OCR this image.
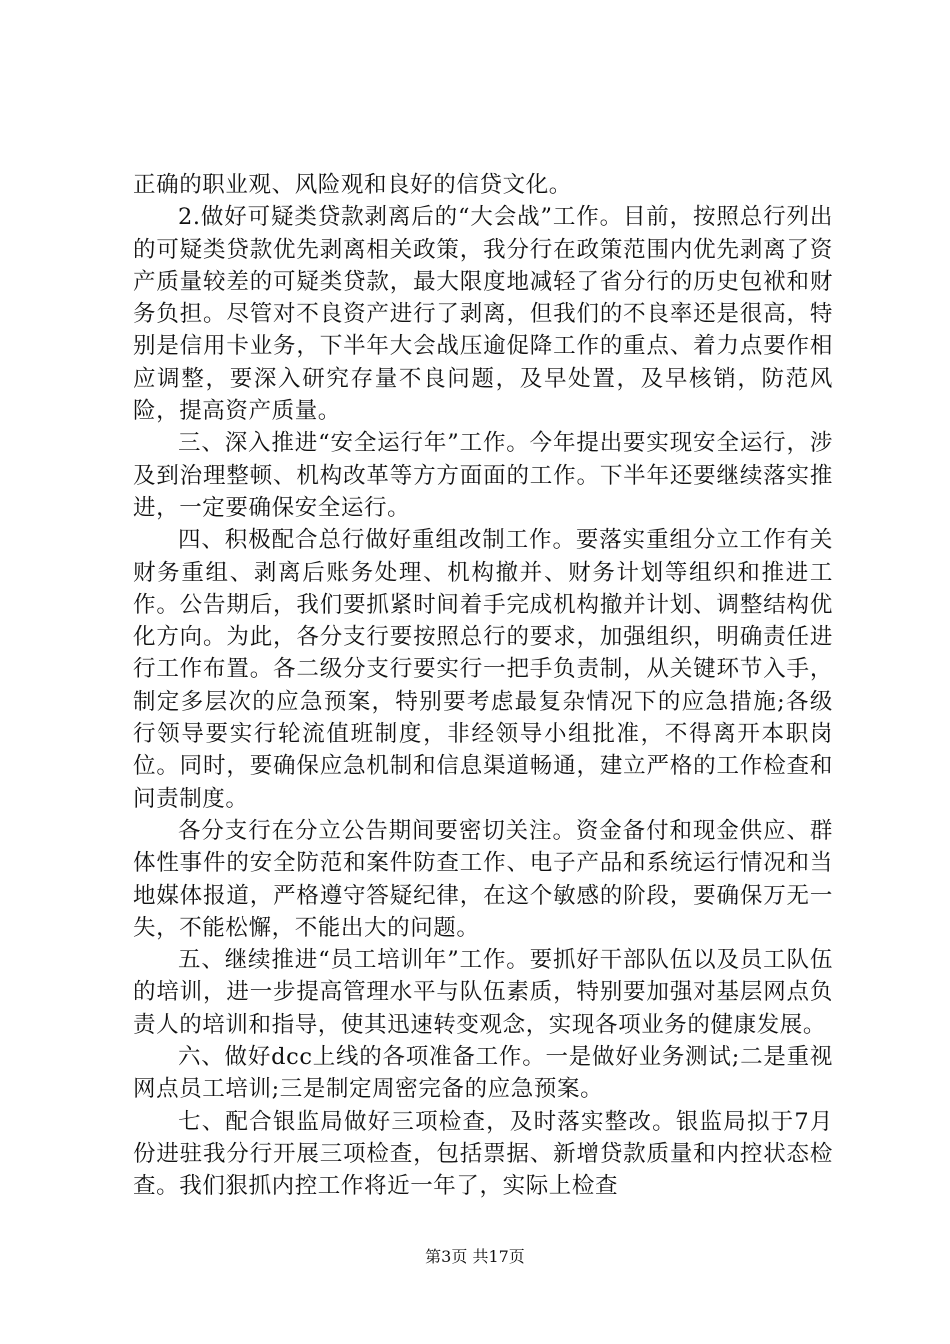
正确的职业观、风险观和良好的信贷文化。

2.做好可疑类贷款剥离后的“大会战”工作。目前，按照总行列出的可疑类贷款优先剥离相关政策，我分行在政策范围内优先剥离了资产质量较差的可疑类贷款，最大限度地减轻了省分行的历史包袱和财务负担。尽管对不良资产进行了剥离，但我们的不良率还是很高，特别是信用卡业务，下半年大会战压逾促降工作的重点、着力点要作相应调整，要深入研究存量不良问题，及早处置，及早核销，防范风险，提高资产质量。

三、深入推进“安全运行年”工作。今年提出要实现安全运行，涉及到治理整顿、机构改革等方方面面的工作。下半年还要继续落实推进，一定要确保安全运行。

四、积极配合总行做好重组改制工作。要落实重组分立工作有关财务重组、剥离后账务处理、机构撤并、财务计划等组织和推进工作。公告期后，我们要抓紧时间着手完成机构撤并计划、调整结构优化方向。为此，各分支行要按照总行的要求，加强组织，明确责任进行工作布置。各二级分支行要实行一把手负责制，从关键环节入手，制定多层次的应急预案，特别要考虑最复杂情况下的应急措施;各级行领导要实行轮流值班制度，非经领导小组批准，不得离开本职岗位。同时，要确保应急机制和信息渠道畅通，建立严格的工作检查和问责制度。

各分支行在分立公告期间要密切关注。资金备付和现金供应、群体性事件的安全防范和案件防查工作、电子产品和系统运行情况和当地媒体报道，严格遵守答疑纪律，在这个敏感的阶段，要确保万无一失，不能松懈，不能出大的问题。

五、继续推进“员工培训年”工作。要抓好干部队伍以及员工队伍的培训，进一步提高管理水平与队伍素质，特别要加强对基层网点负责人的培训和指导，使其迅速转变观念，实现各项业务的健康发展。

六、做好dcc上线的各项准备工作。一是做好业务测试;二是重视网点员工培训;三是制定周密完备的应急预案。

七、配合银监局做好三项检查，及时落实整改。银监局拟于7月份进驻我分行开展三项检查，包括票据、新增贷款质量和内控状态检查。我们狠抓内控工作将近一年了，实际上检查

第3页 共17页
